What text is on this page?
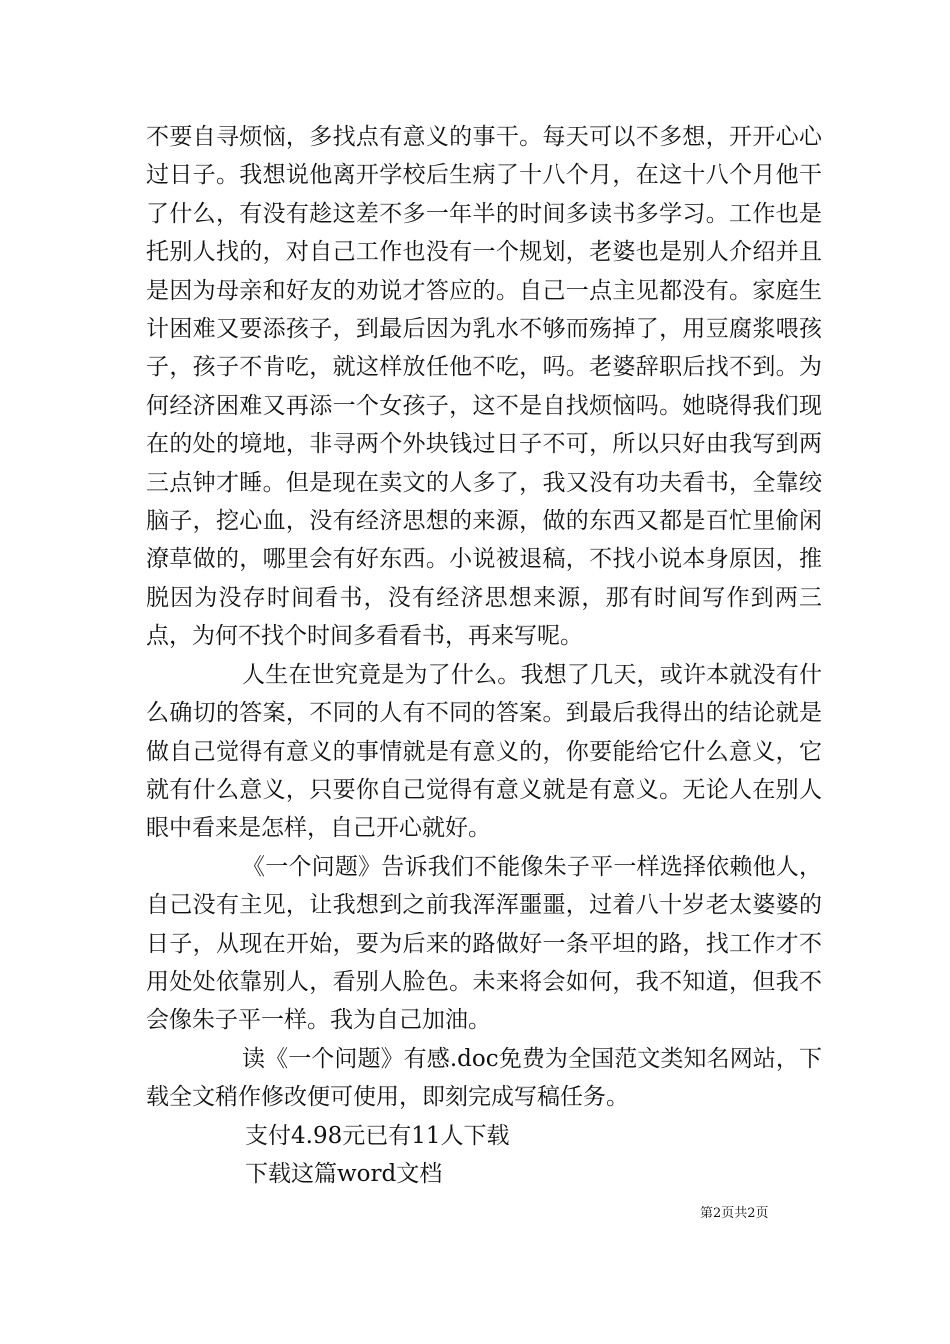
不要自寻烦恼，多找点有意义的事干。每天可以不多想，开开心心过日子。我想说他离开学校后生病了十八个月，在这十八个月他干了什么，有没有趁这差不多一年半的时间多读书多学习。工作也是托别人找的，对自己工作也没有一个规划，老婆也是别人介绍并且是因为母亲和好友的劝说才答应的。自己一点主见都没有。家庭生计困难又要添孩子，到最后因为乳水不够而殇掉了，用豆腐浆喂孩子，孩子不肯吃，就这样放任他不吃，吗。老婆辞职后找不到。为何经济困难又再添一个女孩子，这不是自找烦恼吗。她晓得我们现在的处的境地，非寻两个外块钱过日子不可，所以只好由我写到两三点钟才睡。但是现在卖文的人多了，我又没有功夫看书，全靠绞脑子，挖心血，没有经济思想的来源，做的东西又都是百忙里偷闲潦草做的，哪里会有好东西。小说被退稿，不找小说本身原因，推脱因为没存时间看书，没有经济思想来源，那有时间写作到两三点，为何不找个时间多看看书，再来写呢。

人生在世究竟是为了什么。我想了几天，或许本就没有什么确切的答案，不同的人有不同的答案。到最后我得出的结论就是做自己觉得有意义的事情就是有意义的，你要能给它什么意义，它就有什么意义，只要你自己觉得有意义就是有意义。无论人在别人眼中看来是怎样，自己开心就好。

《一个问题》告诉我们不能像朱子平一样选择依赖他人，自己没有主见，让我想到之前我浑浑噩噩，过着八十岁老太婆婆的日子，从现在开始，要为后来的路做好一条平坦的路，找工作才不用处处依靠别人，看别人脸色。未来将会如何，我不知道，但我不会像朱子平一样。我为自己加油。

读《一个问题》有感.doc免费为全国范文类知名网站，下载全文稍作修改便可使用，即刻完成写稿任务。

支付4.98元已有11人下载

下载这篇word文档

第2页共2页
